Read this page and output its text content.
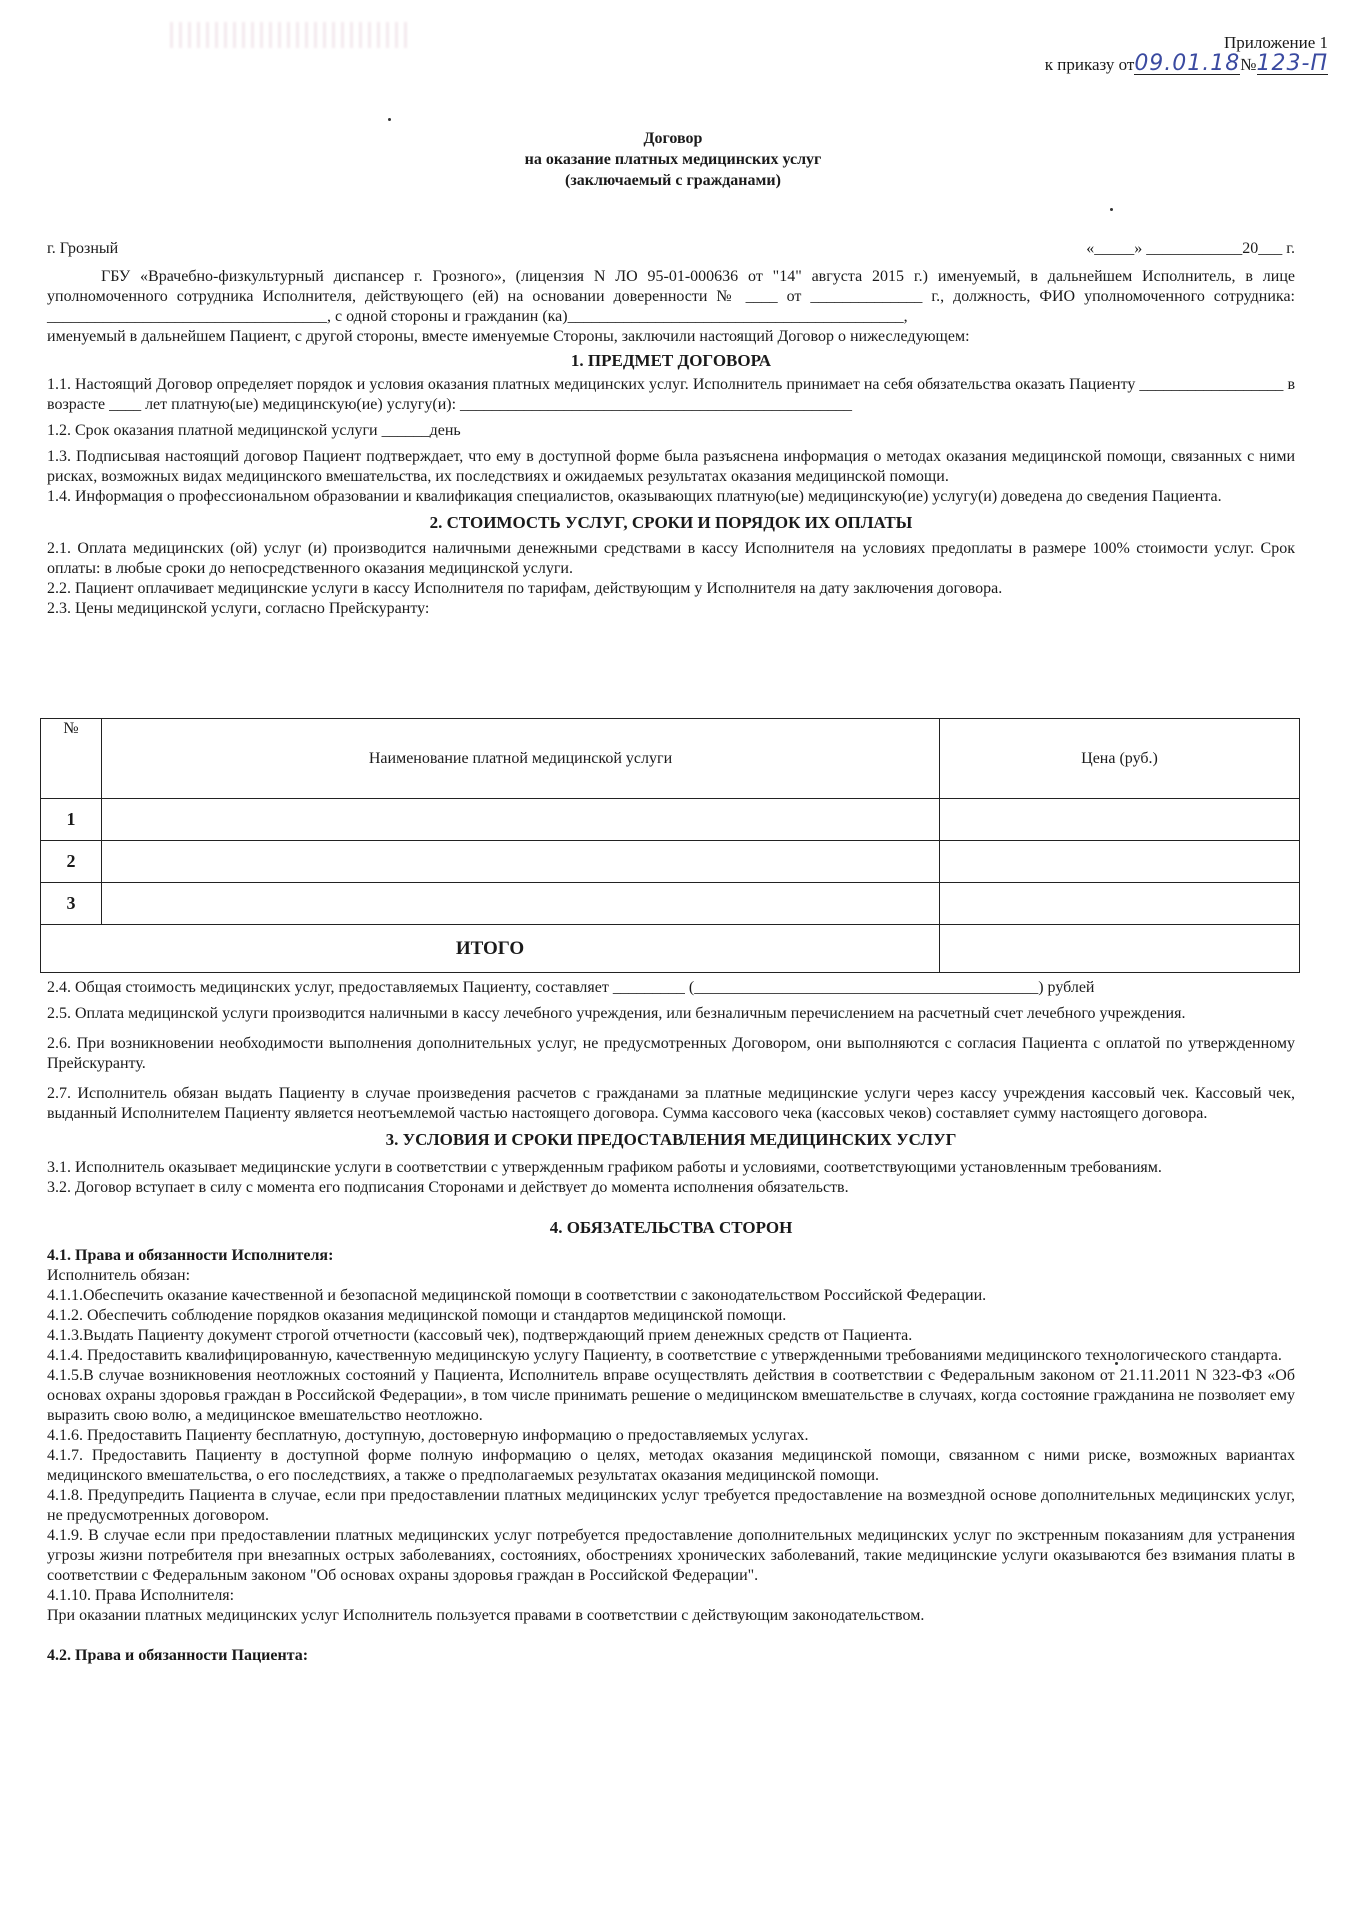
Приложение 1
к приказу от09.01.18№123-П
Договор
на оказание платных медицинских услуг
(заключаемый с гражданами)
г. Грозный	«_____» ____________20___ г.

ГБУ «Врачебно-физкультурный диспансер г. Грозного», (лицензия N ЛО 95-01-000636 от "14" августа 2015 г.) именуемый, в дальнейшем Исполнитель, в лице уполномоченного сотрудника Исполнителя, действующего (ей) на основании доверенности № ____ от ______________ г., должность, ФИО уполномоченного сотрудника: ___________________________________, с одной стороны и гражданин (ка)__________________________________________,

именуемый в дальнейшем Пациент, с другой стороны, вместе именуемые Стороны, заключили настоящий Договор о нижеследующем:

1. ПРЕДМЕТ ДОГОВОРА

1.1. Настоящий Договор определяет порядок и условия оказания платных медицинских услуг. Исполнитель принимает на себя обязательства оказать Пациенту __________________ в возрасте ____ лет платную(ые) медицинскую(ие) услугу(и): _________________________________________________

1.2. Срок оказания платной медицинской услуги ______день

1.3. Подписывая настоящий договор Пациент подтверждает, что ему в доступной форме была разъяснена информация о методах оказания медицинской помощи, связанных с ними рисках, возможных видах медицинского вмешательства, их последствиях и ожидаемых результатах оказания медицинской помощи.

1.4. Информация о профессиональном образовании и квалификация специалистов, оказывающих платную(ые) медицинскую(ие) услугу(и) доведена до сведения Пациента.

2. СТОИМОСТЬ УСЛУГ, СРОКИ И ПОРЯДОК ИХ ОПЛАТЫ

2.1. Оплата медицинских (ой) услуг (и) производится наличными денежными средствами в кассу Исполнителя на условиях предоплаты в размере 100% стоимости услуг. Срок оплаты: в любые сроки до непосредственного оказания медицинской услуги.

2.2. Пациент оплачивает медицинские услуги в кассу Исполнителя по тарифам, действующим у Исполнителя на дату заключения договора.

2.3. Цены медицинской услуги, согласно Прейскуранту:

№	Наименование платной медицинской услуги	Цена (руб.)
1		
2		
3		
ИТОГО		

2.4. Общая стоимость медицинских услуг, предоставляемых Пациенту, составляет _________ (___________________________________________) рублей

2.5. Оплата медицинской услуги производится наличными в кассу лечебного учреждения, или безналичным перечислением на расчетный счет лечебного учреждения.

2.6. При возникновении необходимости выполнения дополнительных услуг, не предусмотренных Договором, они выполняются с согласия Пациента с оплатой по утвержденному Прейскуранту.

2.7. Исполнитель обязан выдать Пациенту в случае произведения расчетов с гражданами за платные медицинские услуги через кассу учреждения кассовый чек. Кассовый чек, выданный Исполнителем Пациенту является неотъемлемой частью настоящего договора. Сумма кассового чека (кассовых чеков) составляет сумму настоящего договора.

3. УСЛОВИЯ И СРОКИ ПРЕДОСТАВЛЕНИЯ МЕДИЦИНСКИХ УСЛУГ

3.1. Исполнитель оказывает медицинские услуги в соответствии с утвержденным графиком работы и условиями, соответствующими установленным требованиям.

3.2. Договор вступает в силу с момента его подписания Сторонами и действует до момента исполнения обязательств.

4. ОБЯЗАТЕЛЬСТВА СТОРОН

4.1. Права и обязанности Исполнителя:

Исполнитель обязан:

4.1.1.Обеспечить оказание качественной и безопасной медицинской помощи в соответствии с законодательством Российской Федерации.

4.1.2. Обеспечить соблюдение порядков оказания медицинской помощи и стандартов медицинской помощи.

4.1.3.Выдать Пациенту документ строгой отчетности (кассовый чек), подтверждающий прием денежных средств от Пациента.

4.1.4. Предоставить квалифицированную, качественную медицинскую услугу Пациенту, в соответствие с утвержденными требованиями медицинского технологического стандарта.

4.1.5.В случае возникновения неотложных состояний у Пациента, Исполнитель вправе осуществлять действия в соответствии с Федеральным законом от 21.11.2011 N 323-ФЗ «Об основах охраны здоровья граждан в Российской Федерации», в том числе принимать решение о медицинском вмешательстве в случаях, когда состояние гражданина не позволяет ему выразить свою волю, а медицинское вмешательство неотложно.

4.1.6. Предоставить Пациенту бесплатную, доступную, достоверную информацию о предоставляемых услугах.

4.1.7. Предоставить Пациенту в доступной форме полную информацию о целях, методах оказания медицинской помощи, связанном с ними риске, возможных вариантах медицинского вмешательства, о его последствиях, а также о предполагаемых результатах оказания медицинской помощи.

4.1.8. Предупредить Пациента в случае, если при предоставлении платных медицинских услуг требуется предоставление на возмездной основе дополнительных медицинских услуг, не предусмотренных договором.

4.1.9. В случае если при предоставлении платных медицинских услуг потребуется предоставление дополнительных медицинских услуг по экстренным показаниям для устранения угрозы жизни потребителя при внезапных острых заболеваниях, состояниях, обострениях хронических заболеваний, такие медицинские услуги оказываются без взимания платы в соответствии с Федеральным законом "Об основах охраны здоровья граждан в Российской Федерации".

4.1.10. Права Исполнителя:

При оказании платных медицинских услуг Исполнитель пользуется правами в соответствии с действующим законодательством.

4.2. Права и обязанности Пациента:
